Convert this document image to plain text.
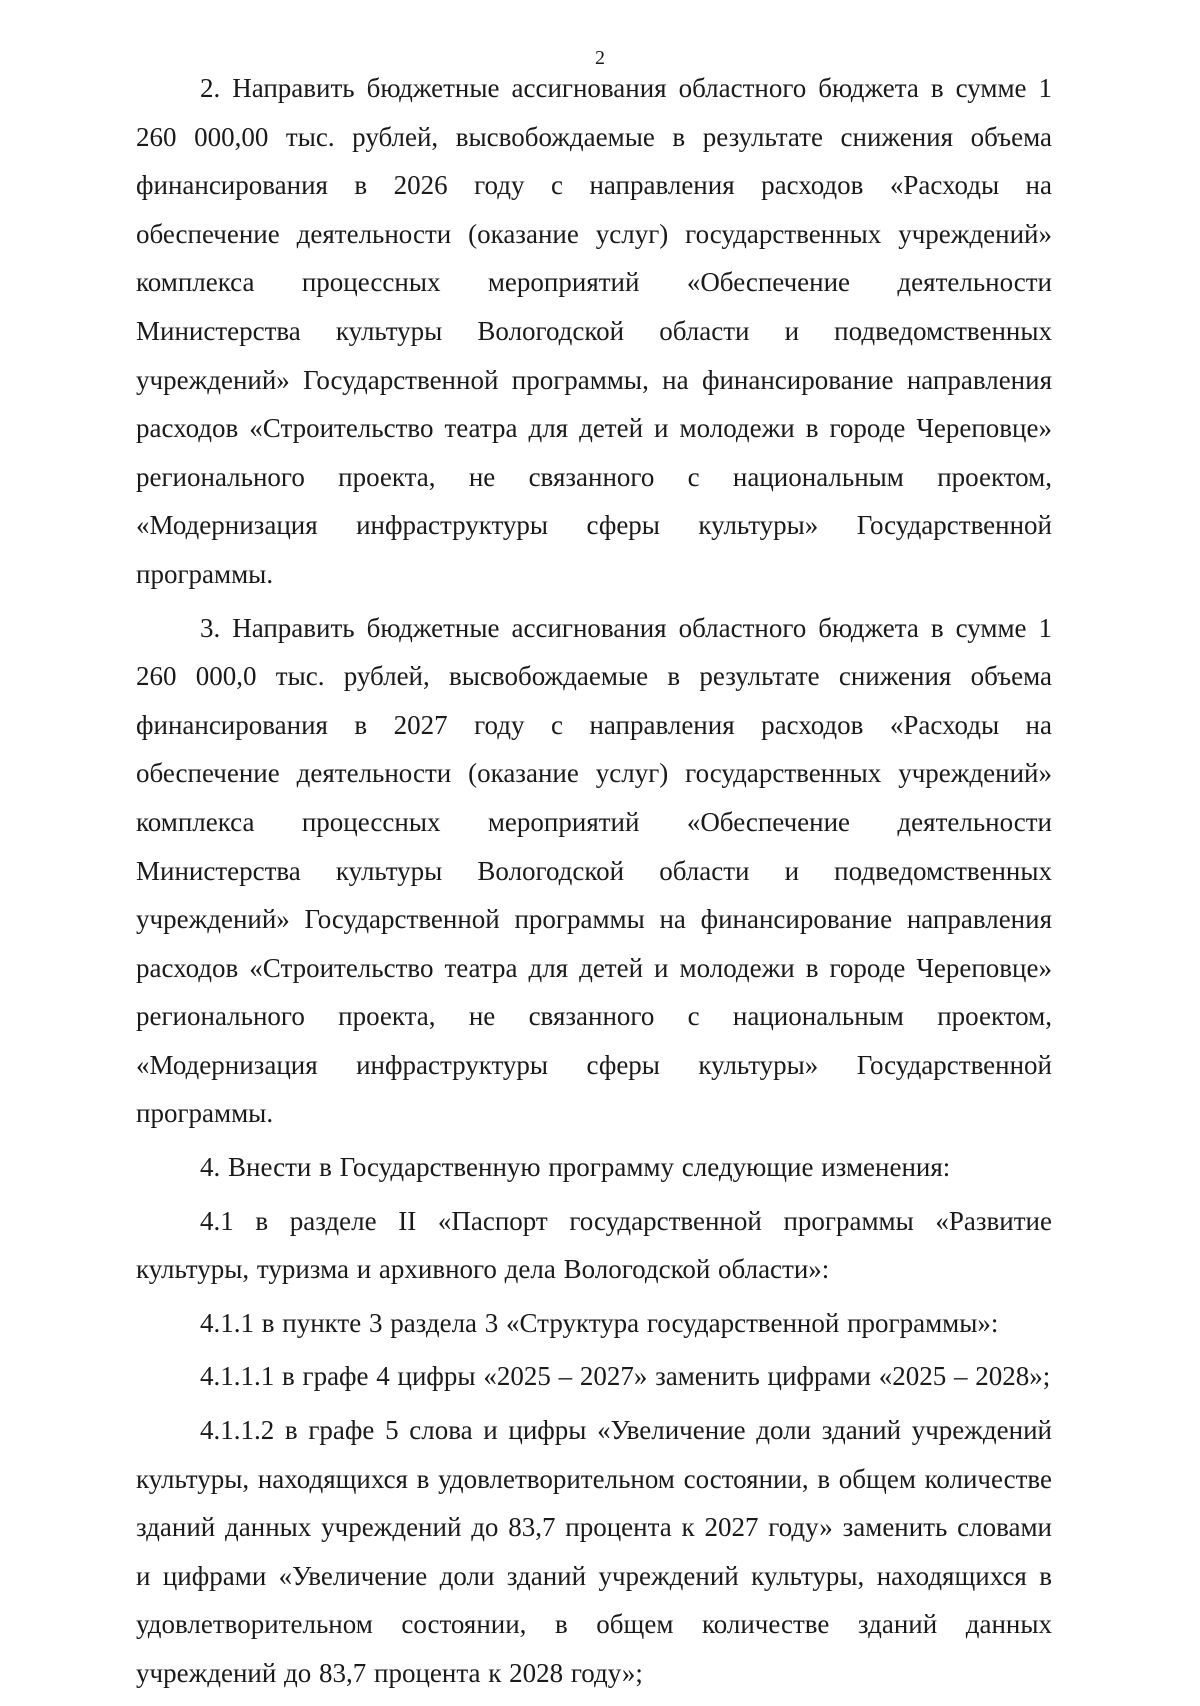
2

2. Направить бюджетные ассигнования областного бюджета в сумме 1 260 000,00 тыс. рублей, высвобождаемые в результате снижения объема финансирования в 2026 году с направления расходов «Расходы на обеспечение деятельности (оказание услуг) государственных учреждений» комплекса процессных мероприятий «Обеспечение деятельности Министерства культуры Вологодской области и подведомственных учреждений» Государственной программы, на финансирование направления расходов «Строительство театра для детей и молодежи в городе Череповце» регионального проекта, не связанного с национальным проектом, «Модернизация инфраструктуры сферы культуры» Государственной программы.

3. Направить бюджетные ассигнования областного бюджета в сумме 1 260 000,0 тыс. рублей, высвобождаемые в результате снижения объема финансирования в 2027 году с направления расходов «Расходы на обеспечение деятельности (оказание услуг) государственных учреждений» комплекса процессных мероприятий «Обеспечение деятельности Министерства культуры Вологодской области и подведомственных учреждений» Государственной программы на финансирование направления расходов «Строительство театра для детей и молодежи в городе Череповце» регионального проекта, не связанного с национальным проектом, «Модернизация инфраструктуры сферы культуры» Государственной программы.

4. Внести в Государственную программу следующие изменения:

4.1 в разделе II «Паспорт государственной программы «Развитие культуры, туризма и архивного дела Вологодской области»:

4.1.1 в пункте 3 раздела 3 «Структура государственной программы»:

4.1.1.1 в графе 4 цифры «2025 – 2027» заменить цифрами «2025 – 2028»;

4.1.1.2 в графе 5 слова и цифры «Увеличение доли зданий учреждений культуры, находящихся в удовлетворительном состоянии, в общем количестве зданий данных учреждений до 83,7 процента к 2027 году» заменить словами и цифрами «Увеличение доли зданий учреждений культуры, находящихся в удовлетворительном состоянии, в общем количестве зданий данных учреждений до 83,7 процента к 2028 году»;
